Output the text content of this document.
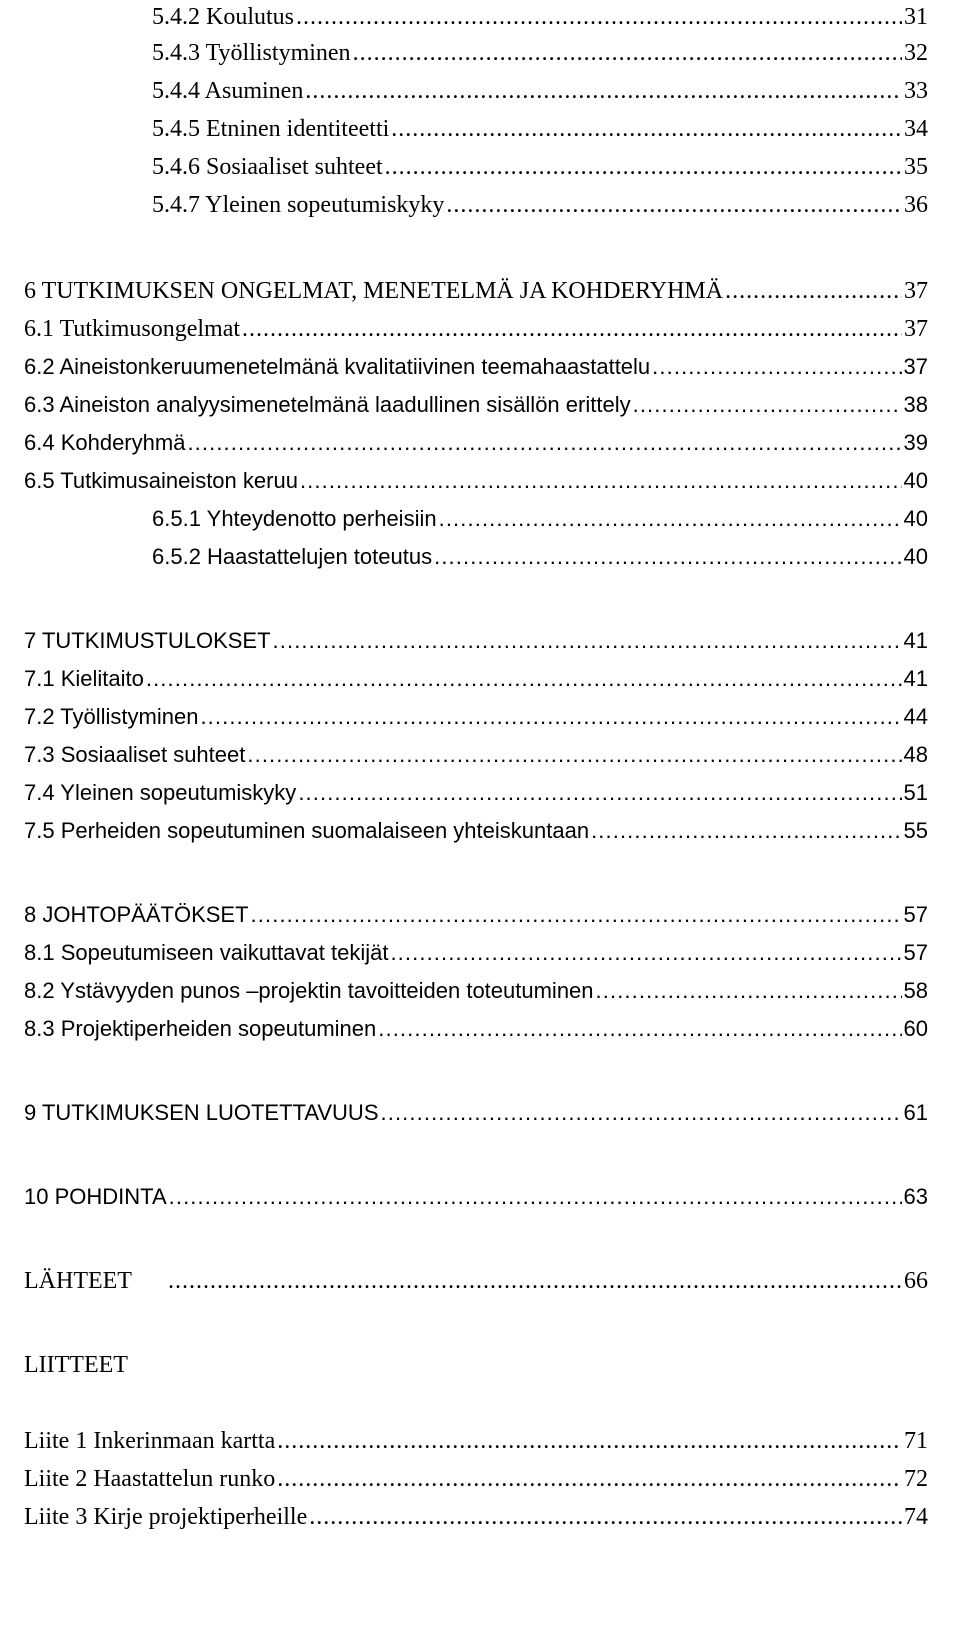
5.4.2 Koulutus . . .	31
5.4.3 Työllistyminen . . .	32
5.4.4 Asuminen . . .	33
5.4.5 Etninen identiteetti . . .	34
5.4.6 Sosiaaliset suhteet . . .	35
5.4.7 Yleinen sopeutumiskyky . . .	36
6 TUTKIMUKSEN ONGELMAT, MENETELMÄ JA KOHDERYHMÄ . . .	37
6.1 Tutkimusongelmat . . .	37
6.2 Aineistonkeruumenetelmänä kvalitatiivinen teemahaastattelu . . .	37
6.3 Aineiston analyysimenetelmänä laadullinen sisällön erittely . . .	38
6.4 Kohderyhmä . . .	39
6.5 Tutkimusaineiston keruu . . .	40
6.5.1 Yhteydenotto perheisiin . . .	40
6.5.2 Haastattelujen toteutus . . .	40
7 TUTKIMUSTULOKSET . . .	41
7.1 Kielitaito . . .	41
7.2 Työllistyminen . . .	44
7.3 Sosiaaliset suhteet . . .	48
7.4 Yleinen sopeutumiskyky . . .	51
7.5 Perheiden sopeutuminen suomalaiseen yhteiskuntaan . . .	55
8 JOHTOPÄÄTÖKSET . . .	57
8.1 Sopeutumiseen vaikuttavat tekijät . . .	57
8.2 Ystävyyden punos –projektin tavoitteiden toteutuminen . . .	58
8.3 Projektiperheiden sopeutuminen . . .	60
9 TUTKIMUKSEN LUOTETTAVUUS . . .	61
10 POHDINTA . . .	63
LÄHTEET . . .	66
LIITTEET
Liite 1 Inkerinmaan kartta . . .	71
Liite 2 Haastattelun runko . . .	72
Liite 3 Kirje projektiperheille . . .	74
